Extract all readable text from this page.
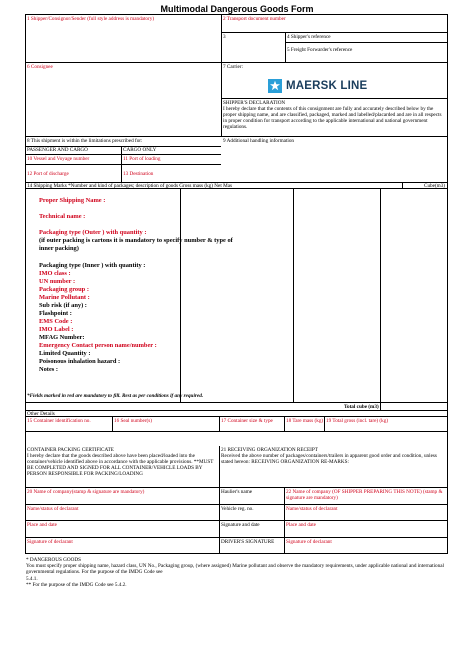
Multimodal Dangerous Goods Form
1 Shipper/Consignor/Sender (full style address is mandatory)	2 Transport document number
3	4 Shipper's reference
5 Freight Forwarder's reference
6 Consignee	7 Carrier:
MAERSK LINE
SHIPPER'S DECLARATION
I hereby declare that the contents of this consignment are fully and accurately described below by the proper shipping name, and are classified, packaged, marked and labelled/placarded and are in all respects in proper condition for transport according to the applicable international and national government regulations.
8 This shipment is within the limitations prescribed for:
PASSENGER AND CARGO	CARGO ONLY
9 Additional handling information
10 Vessel and Voyage number	11 Port of loading
12 Port of discharge	13 Destination
14 Shipping Marks *Number and kind of packages; description of goods Gross mass (kg) Net Mas	Cube(m3)
Proper Shipping Name :
Technical name :
Packaging type (Outer ) with quantity :
(if outer packing is cartons it is mandatory to specify number & type of
inner packing)
Packaging type (Inner ) with quantity :
IMO class :
UN number :
Packaging group :
Marine Pollutant :
Sub risk (if any) :
Flashpoint :
EMS Code :
IMO Label :
MFAG Number:
Emergency Contact person name/number :
Limited Quantity :
Poisonous inhalation hazard :
Notes :
*Fields marked in red are mandatory to fill. Rest as per conditions if any required.
Total cube (m3)
Other Details
15 Container identification no.	16 Seal number(s)	17 Container size & type	18 Tare mass (kg) 19 Total gross (incl. tare) (kg)
CONTAINER PACKING CERTIFICATE
I hereby declare that the goods described above have been placed/loaded into the container/vehicle identified above in accordance with the applicable provisions. **MUST BE COMPLETED AND SIGNED FOR ALL CONTAINER/VEHICLE LOADS BY PERSON RESPONSIBLE FOR PACKING/LOADING
21 RECEIVING ORGANIZATION RECEIPT
Received the above number of packages/containers/trailers in apparent good order and condition, unless stated hereon: RECEIVING ORGANIZATION RE-MARKS:
20 Name of company(stamp & signature are mandatory)	Haulier's name	22 Name of company (OF SHIPPER PREPARING THIS NOTE) (stamp & signature are mandatory)
Name/status of declarant	Vehicle reg. no.	Name/status of declarant
Place and date	Signature and date	Place and date
Signature of declarant	DRIVER'S SIGNATURE Signature of declarant
* DANGEROUS GOODS
You must specify proper shipping name, hazard class, UN No., Packaging group, (where assigned) Marine pollutant and observe the mandatory requirements, under applicable national and international governmental regulations. For the purpose of the IMDG Code see
5.4.1.
** For the purpose of the IMDG Code see 5.4.2.
